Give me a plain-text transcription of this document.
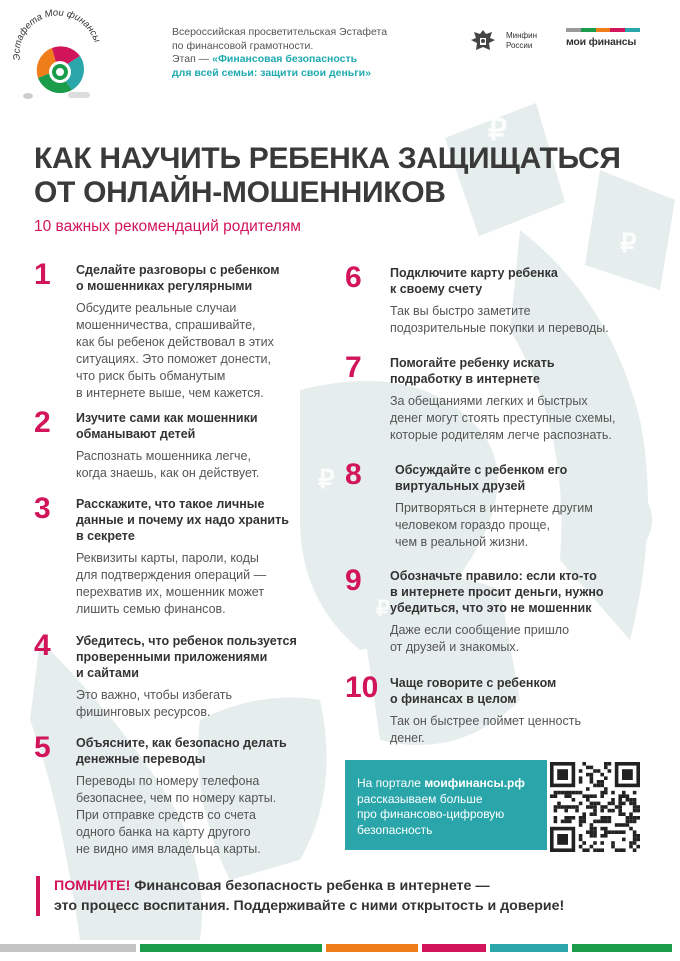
₽
₽
₽
₽
Эстафета Мои финансы
Всероссийская просветительская Эстафета
по финансовой грамотности.
Этап — «Финансовая безопасность
для всей семьи: защити свои деньги»
Минфин
России	мои финансы
КАК НАУЧИТЬ РЕБЕНКА ЗАЩИЩАТЬСЯ
ОТ ОНЛАЙН-МОШЕННИКОВ
10 важных рекомендаций родителям
1 Сделайте разговоры с ребенком
о мошенниках регулярными
Обсудите реальные случаи
мошенничества, спрашивайте,
как бы ребенок действовал в этих
ситуациях. Это поможет донести,
что риск быть обманутым
в интернете выше, чем кажется.
2 Изучите сами как мошенники
обманывают детей
Распознать мошенника легче,
когда знаешь, как он действует.
3 Расскажите, что такое личные
данные и почему их надо хранить
в секрете
Реквизиты карты, пароли, коды
для подтверждения операций —
перехватив их, мошенник может
лишить семью финансов.
4 Убедитесь, что ребенок пользуется
проверенными приложениями
и сайтами
Это важно, чтобы избегать
фишинговых ресурсов.
5 Объясните, как безопасно делать
денежные переводы
Переводы по номеру телефона
безопаснее, чем по номеру карты.
При отправке средств со счета
одного банка на карту другого
не видно имя владельца карты.
6 Подключите карту ребенка
к своему счету
Так вы быстро заметите
подозрительные покупки и переводы.
7 Помогайте ребенку искать
подработку в интернете
За обещаниями легких и быстрых
денег могут стоять преступные схемы,
которые родителям легче распознать.
8	Обсуждайте с ребенком его
виртуальных друзей
Притворяться в интернете другим
человеком гораздо проще,
чем в реальной жизни.
9 Обозначьте правило: если кто-то
в интернете просит деньги, нужно
убедиться, что это не мошенник
Даже если сообщение пришло
от друзей и знакомых.
10 Чаще говорите с ребенком
о финансах в целом
Так он быстрее поймет ценность
денег.
На портале моифинансы.рф
рассказываем больше
про финансово-цифровую
безопасность
ПОМНИТЕ! Финансовая безопасность ребенка в интернете —
это процесс воспитания. Поддерживайте с ними открытость и доверие!
